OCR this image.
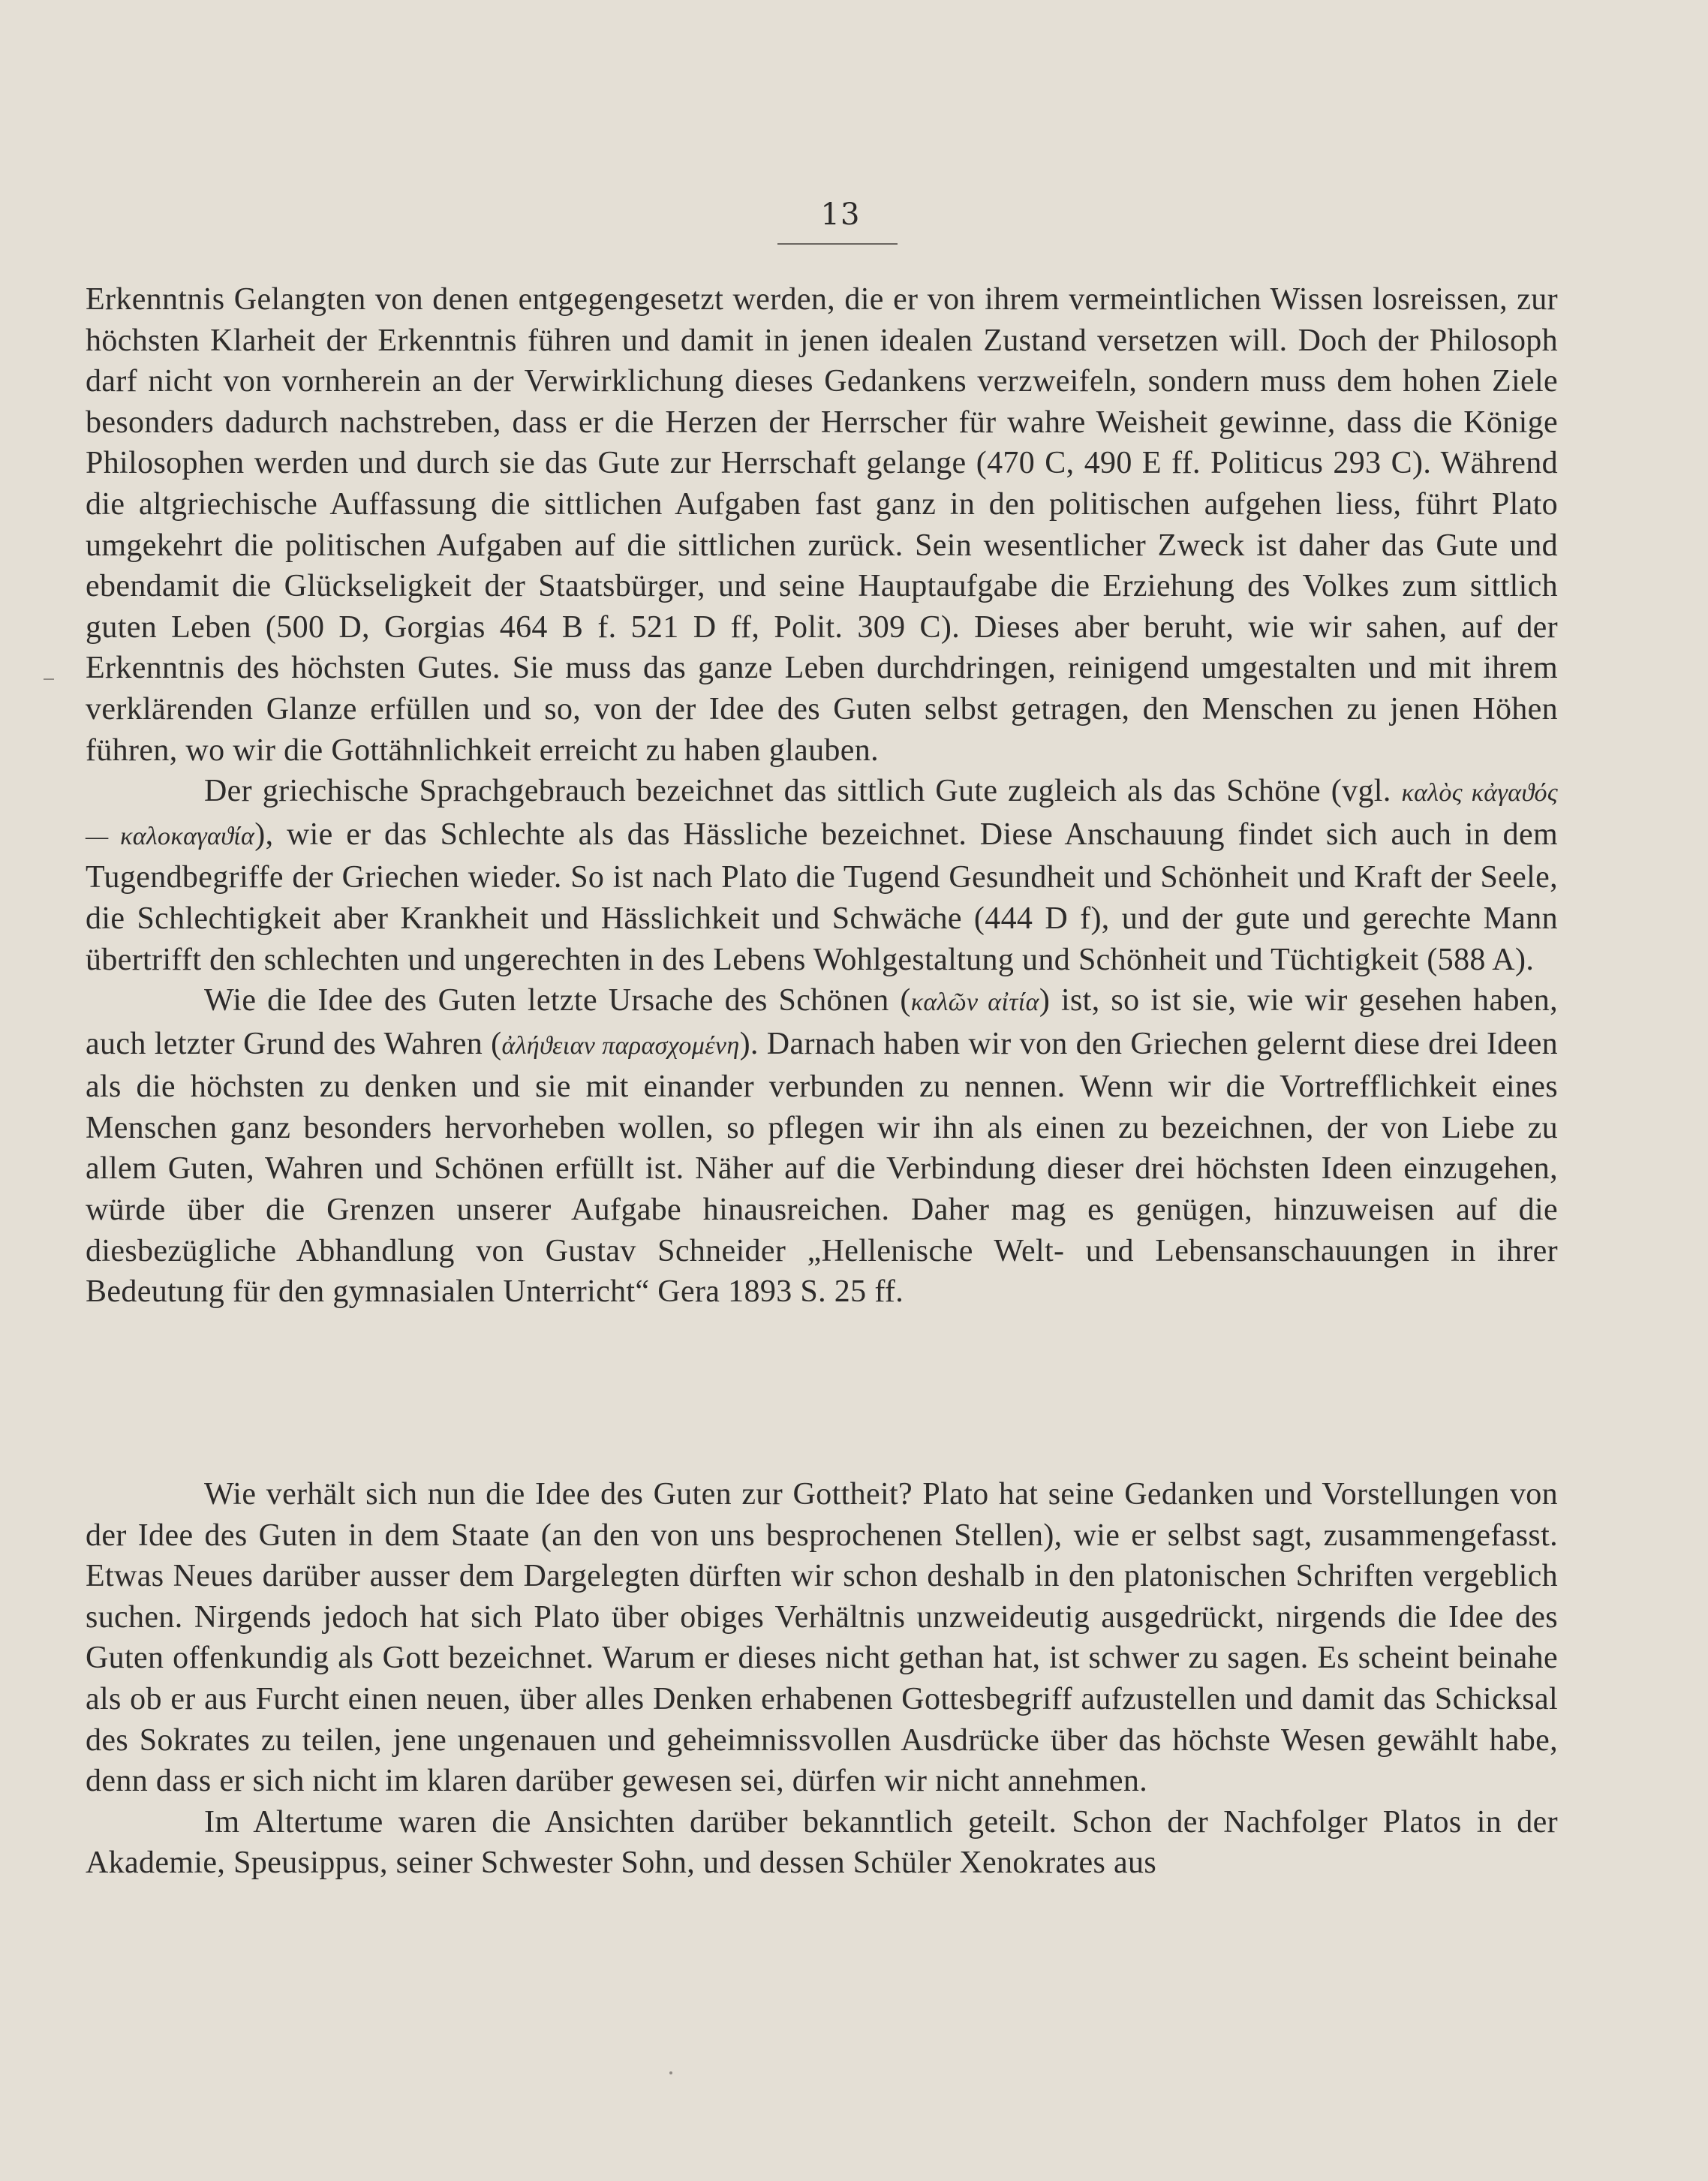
13

Erkenntnis Gelangten von denen entgegengesetzt werden, die er von ihrem vermeintlichen Wissen losreissen, zur höchsten Klarheit der Erkenntnis führen und damit in jenen idealen Zustand versetzen will. Doch der Philosoph darf nicht von vornherein an der Verwirklichung dieses Gedankens verzweifeln, sondern muss dem hohen Ziele besonders dadurch nachstreben, dass er die Herzen der Herrscher für wahre Weisheit gewinne, dass die Könige Philosophen werden und durch sie das Gute zur Herrschaft gelange (470 C, 490 E ff. Politicus 293 C). Während die altgriechische Auffassung die sittlichen Aufgaben fast ganz in den politischen aufgehen liess, führt Plato umgekehrt die politischen Aufgaben auf die sittlichen zurück. Sein wesentlicher Zweck ist daher das Gute und ebendamit die Glückseligkeit der Staatsbürger, und seine Hauptaufgabe die Erziehung des Volkes zum sittlich guten Leben (500 D, Gorgias 464 B f. 521 D ff, Polit. 309 C). Dieses aber beruht, wie wir sahen, auf der Erkenntnis des höchsten Gutes. Sie muss das ganze Leben durchdringen, reinigend umgestalten und mit ihrem verklärenden Glanze erfüllen und so, von der Idee des Guten selbst getragen, den Menschen zu jenen Höhen führen, wo wir die Gottähnlichkeit erreicht zu haben glauben.

Der griechische Sprachgebrauch bezeichnet das sittlich Gute zugleich als das Schöne (vgl. καλὸς κἀγαϑός — καλοκαγαϑία), wie er das Schlechte als das Hässliche bezeichnet. Diese Anschauung findet sich auch in dem Tugendbegriffe der Griechen wieder. So ist nach Plato die Tugend Gesundheit und Schönheit und Kraft der Seele, die Schlechtigkeit aber Krankheit und Hässlichkeit und Schwäche (444 D f), und der gute und gerechte Mann übertrifft den schlechten und ungerechten in des Lebens Wohlgestaltung und Schönheit und Tüchtigkeit (588 A).

Wie die Idee des Guten letzte Ursache des Schönen (καλῶν αἰτία) ist, so ist sie, wie wir gesehen haben, auch letzter Grund des Wahren (ἀλήϑειαν παρασχομένη). Darnach haben wir von den Griechen gelernt diese drei Ideen als die höchsten zu denken und sie mit einander verbunden zu nennen. Wenn wir die Vortrefflichkeit eines Menschen ganz besonders hervorheben wollen, so pflegen wir ihn als einen zu bezeichnen, der von Liebe zu allem Guten, Wahren und Schönen erfüllt ist. Näher auf die Verbindung dieser drei höchsten Ideen einzugehen, würde über die Grenzen unserer Aufgabe hinausreichen. Daher mag es genügen, hinzuweisen auf die diesbezügliche Abhandlung von Gustav Schneider „Hellenische Welt- und Lebensanschauungen in ihrer Bedeutung für den gymnasialen Unterricht“ Gera 1893 S. 25 ff.

Wie verhält sich nun die Idee des Guten zur Gottheit? Plato hat seine Gedanken und Vorstellungen von der Idee des Guten in dem Staate (an den von uns besprochenen Stellen), wie er selbst sagt, zusammengefasst. Etwas Neues darüber ausser dem Dargelegten dürften wir schon deshalb in den platonischen Schriften vergeblich suchen. Nirgends jedoch hat sich Plato über obiges Verhältnis unzweideutig ausgedrückt, nirgends die Idee des Guten offenkundig als Gott bezeichnet. Warum er dieses nicht gethan hat, ist schwer zu sagen. Es scheint beinahe als ob er aus Furcht einen neuen, über alles Denken erhabenen Gottesbegriff aufzustellen und damit das Schicksal des Sokrates zu teilen, jene ungenauen und geheimnissvollen Ausdrücke über das höchste Wesen gewählt habe, denn dass er sich nicht im klaren darüber gewesen sei, dürfen wir nicht annehmen.

Im Altertume waren die Ansichten darüber bekanntlich geteilt. Schon der Nachfolger Platos in der Akademie, Speusippus, seiner Schwester Sohn, und dessen Schüler Xenokrates aus
